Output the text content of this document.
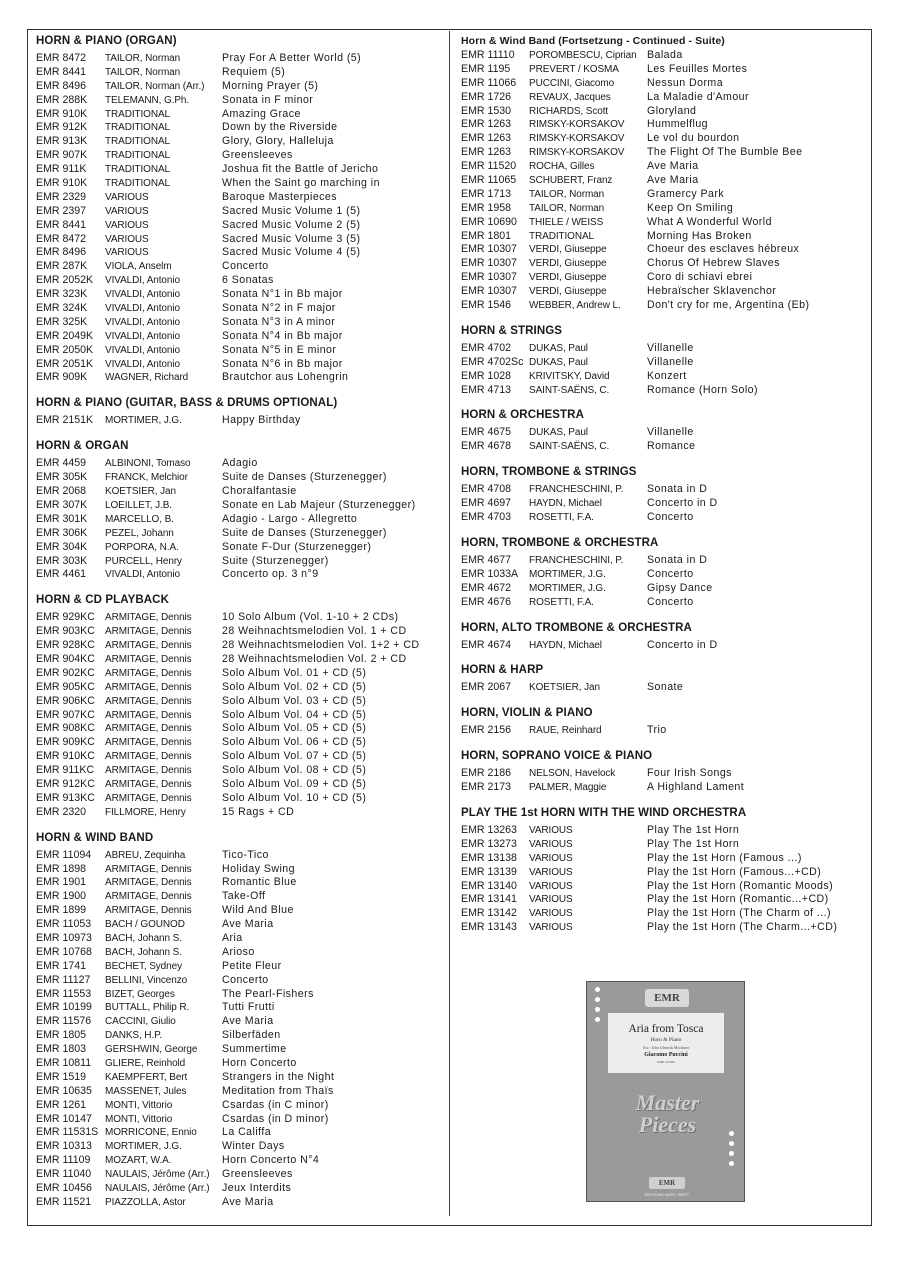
HORN & PIANO (ORGAN)
EMR 8472 TAILOR, Norman	Pray For A Better World (5)
EMR 8441 TAILOR, Norman	Requiem (5)
EMR 8496 TAILOR, Norman (Arr.) Morning Prayer (5)
EMR 288K TELEMANN, G.Ph.	Sonata in F minor
EMR 910K TRADITIONAL	Amazing Grace
EMR 912K TRADITIONAL	Down by the Riverside
EMR 913K TRADITIONAL	Glory, Glory, Halleluja
EMR 907K TRADITIONAL	Greensleeves
EMR 911K TRADITIONAL	Joshua fit the Battle of Jericho
EMR 910K TRADITIONAL	When the Saint go marching in
EMR 2329 VARIOUS	Baroque Masterpieces
EMR 2397 VARIOUS	Sacred Music Volume 1 (5)
EMR 8441 VARIOUS	Sacred Music Volume 2 (5)
EMR 8472 VARIOUS	Sacred Music Volume 3 (5)
EMR 8496 VARIOUS	Sacred Music Volume 4 (5)
EMR 287K VIOLA, Anselm	Concerto
EMR 2052K VIVALDI, Antonio	6 Sonatas
EMR 323K VIVALDI, Antonio	Sonata N°1 in Bb major
EMR 324K VIVALDI, Antonio	Sonata N°2 in F major
EMR 325K VIVALDI, Antonio	Sonata N°3 in A minor
EMR 2049K VIVALDI, Antonio	Sonata N°4 in Bb major
EMR 2050K VIVALDI, Antonio	Sonata N°5 in E minor
EMR 2051K VIVALDI, Antonio	Sonata N°6 in Bb major
EMR 909K WAGNER, Richard	Brautchor aus Lohengrin
HORN & PIANO (GUITAR, BASS & DRUMS OPTIONAL)
EMR 2151K MORTIMER, J.G.	Happy Birthday
HORN & ORGAN
EMR 4459 ALBINONI, Tomaso	Adagio
EMR 305K FRANCK, Melchior	Suite de Danses (Sturzenegger)
EMR 2068 KOETSIER, Jan	Choralfantasie
EMR 307K LOEILLET, J.B.	Sonate en Lab Majeur (Sturzenegger)
EMR 301K MARCELLO, B.	Adagio - Largo - Allegretto
EMR 306K PEZEL, Johann	Suite de Danses (Sturzenegger)
EMR 304K PORPORA, N.A.	Sonate F-Dur (Sturzenegger)
EMR 303K PURCELL, Henry	Suite (Sturzenegger)
EMR 4461 VIVALDI, Antonio	Concerto op. 3 n°9
HORN & CD PLAYBACK
EMR 929KC ARMITAGE, Dennis	10 Solo Album (Vol. 1-10 + 2 CDs)
EMR 903KC ARMITAGE, Dennis	28 Weihnachtsmelodien Vol. 1 + CD
EMR 928KC ARMITAGE, Dennis	28 Weihnachtsmelodien Vol. 1+2 + CD
EMR 904KC ARMITAGE, Dennis	28 Weihnachtsmelodien Vol. 2 + CD
EMR 902KC ARMITAGE, Dennis	Solo Album Vol. 01 + CD (5)
EMR 905KC ARMITAGE, Dennis	Solo Album Vol. 02 + CD (5)
EMR 906KC ARMITAGE, Dennis	Solo Album Vol. 03 + CD (5)
EMR 907KC ARMITAGE, Dennis	Solo Album Vol. 04 + CD (5)
EMR 908KC ARMITAGE, Dennis	Solo Album Vol. 05 + CD (5)
EMR 909KC ARMITAGE, Dennis	Solo Album Vol. 06 + CD (5)
EMR 910KC ARMITAGE, Dennis	Solo Album Vol. 07 + CD (5)
EMR 911KC ARMITAGE, Dennis	Solo Album Vol. 08 + CD (5)
EMR 912KC ARMITAGE, Dennis	Solo Album Vol. 09 + CD (5)
EMR 913KC ARMITAGE, Dennis	Solo Album Vol. 10 + CD (5)
EMR 2320 FILLMORE, Henry	15 Rags + CD
HORN & WIND BAND
EMR 11094 ABREU, Zequinha	Tico-Tico
EMR 1898 ARMITAGE, Dennis	Holiday Swing
EMR 1901 ARMITAGE, Dennis	Romantic Blue
EMR 1900 ARMITAGE, Dennis	Take-Off
EMR 1899 ARMITAGE, Dennis	Wild And Blue
EMR 11053 BACH / GOUNOD	Ave Maria
EMR 10973 BACH, Johann S.	Aria
EMR 10768 BACH, Johann S.	Arioso
EMR 1741 BECHET, Sydney	Petite Fleur
EMR 11127 BELLINI, Vincenzo	Concerto
EMR 11553 BIZET, Georges	The Pearl-Fishers
EMR 10199 BUTTALL, Philip R.	Tutti Frutti
EMR 11576 CACCINI, Giulio	Ave Maria
EMR 1805 DANKS, H.P.	Silberfäden
EMR 1803 GERSHWIN, George Summertime
EMR 10811 GLIERE, Reinhold	Horn Concerto
EMR 1519 KAEMPFERT, Bert	Strangers in the Night
EMR 10635 MASSENET, Jules	Meditation from Thaïs
EMR 1261 MONTI, Vittorio	Csardas (in C minor)
EMR 10147 MONTI, Vittorio	Csardas (in D minor)
EMR 11531S MORRICONE, Ennio La Califfa
EMR 10313 MORTIMER, J.G.	Winter Days
EMR 11109 MOZART, W.A.	Horn Concerto N°4
EMR 11040 NAULAIS, Jérôme (Arr.) Greensleeves
EMR 10456 NAULAIS, Jérôme (Arr.) Jeux Interdits
EMR 11521 PIAZZOLLA, Astor	Ave Maria
Horn & Wind Band (Fortsetzung - Continued - Suite)
EMR 11110 POROMBESCU, Ciprian Balada
EMR 1195 PREVERT / KOSMA	Les Feuilles Mortes
EMR 11066 PUCCINI, Giacomo	Nessun Dorma
EMR 1726 REVAUX, Jacques	La Maladie d'Amour
EMR 1530 RICHARDS, Scott	Gloryland
EMR 1263 RIMSKY-KORSAKOV Hummelflug
EMR 1263 RIMSKY-KORSAKOV Le vol du bourdon
EMR 1263 RIMSKY-KORSAKOV The Flight Of The Bumble Bee
EMR 11520 ROCHA, Gilles	Ave Maria
EMR 11065 SCHUBERT, Franz	Ave Maria
EMR 1713 TAILOR, Norman	Gramercy Park
EMR 1958 TAILOR, Norman	Keep On Smiling
EMR 10690 THIELE / WEISS	What A Wonderful World
EMR 1801 TRADITIONAL	Morning Has Broken
EMR 10307 VERDI, Giuseppe	Choeur des esclaves hébreux
EMR 10307 VERDI, Giuseppe	Chorus Of Hebrew Slaves
EMR 10307 VERDI, Giuseppe	Coro di schiavi ebrei
EMR 10307 VERDI, Giuseppe	Hebraïscher Sklavenchor
EMR 1546 WEBBER, Andrew L. Don't cry for me, Argentina (Eb)
HORN & STRINGS
EMR 4702 DUKAS, Paul	Villanelle
EMR 4702Sc DUKAS, Paul	Villanelle
EMR 1028 KRIVITSKY, David	Konzert
EMR 4713 SAINT-SAËNS, C.	Romance (Horn Solo)
HORN & ORCHESTRA
EMR 4675 DUKAS, Paul	Villanelle
EMR 4678 SAINT-SAËNS, C.	Romance
HORN, TROMBONE & STRINGS
EMR 4708 FRANCHESCHINI, P. Sonata in D
EMR 4697 HAYDN, Michael	Concerto in D
EMR 4703 ROSETTI, F.A.	Concerto
HORN, TROMBONE & ORCHESTRA
EMR 4677 FRANCHESCHINI, P. Sonata in D
EMR 1033A MORTIMER, J.G.	Concerto
EMR 4672 MORTIMER, J.G.	Gipsy Dance
EMR 4676 ROSETTI, F.A.	Concerto
HORN, ALTO TROMBONE & ORCHESTRA
EMR 4674 HAYDN, Michael	Concerto in D
HORN & HARP
EMR 2067 KOETSIER, Jan	Sonate
HORN, VIOLIN & PIANO
EMR 2156 RAUE, Reinhard	Trio
HORN, SOPRANO VOICE & PIANO
EMR 2186 NELSON, Havelock	Four Irish Songs
EMR 2173 PALMER, Maggie	A Highland Lament
PLAY THE 1st HORN WITH THE WIND ORCHESTRA
EMR 13263 VARIOUS	Play The 1st Horn
EMR 13273 VARIOUS	Play The 1st Horn
EMR 13138 VARIOUS	Play the 1st Horn (Famous ...)
EMR 13139 VARIOUS	Play the 1st Horn (Famous...+CD)
EMR 13140 VARIOUS	Play the 1st Horn (Romantic Moods)
EMR 13141 VARIOUS	Play the 1st Horn (Romantic...+CD)
EMR 13142 VARIOUS	Play the 1st Horn (The Charm of ...)
EMR 13143 VARIOUS	Play the 1st Horn (The Charm...+CD)
EMR
Aria from Tosca
Horn & Piano
Arr.: John Glenesk Mortimer
Giacomo Puccini
EMR 2036K
Master
Pieces
EMR
EDITIONS MARC REIFT
